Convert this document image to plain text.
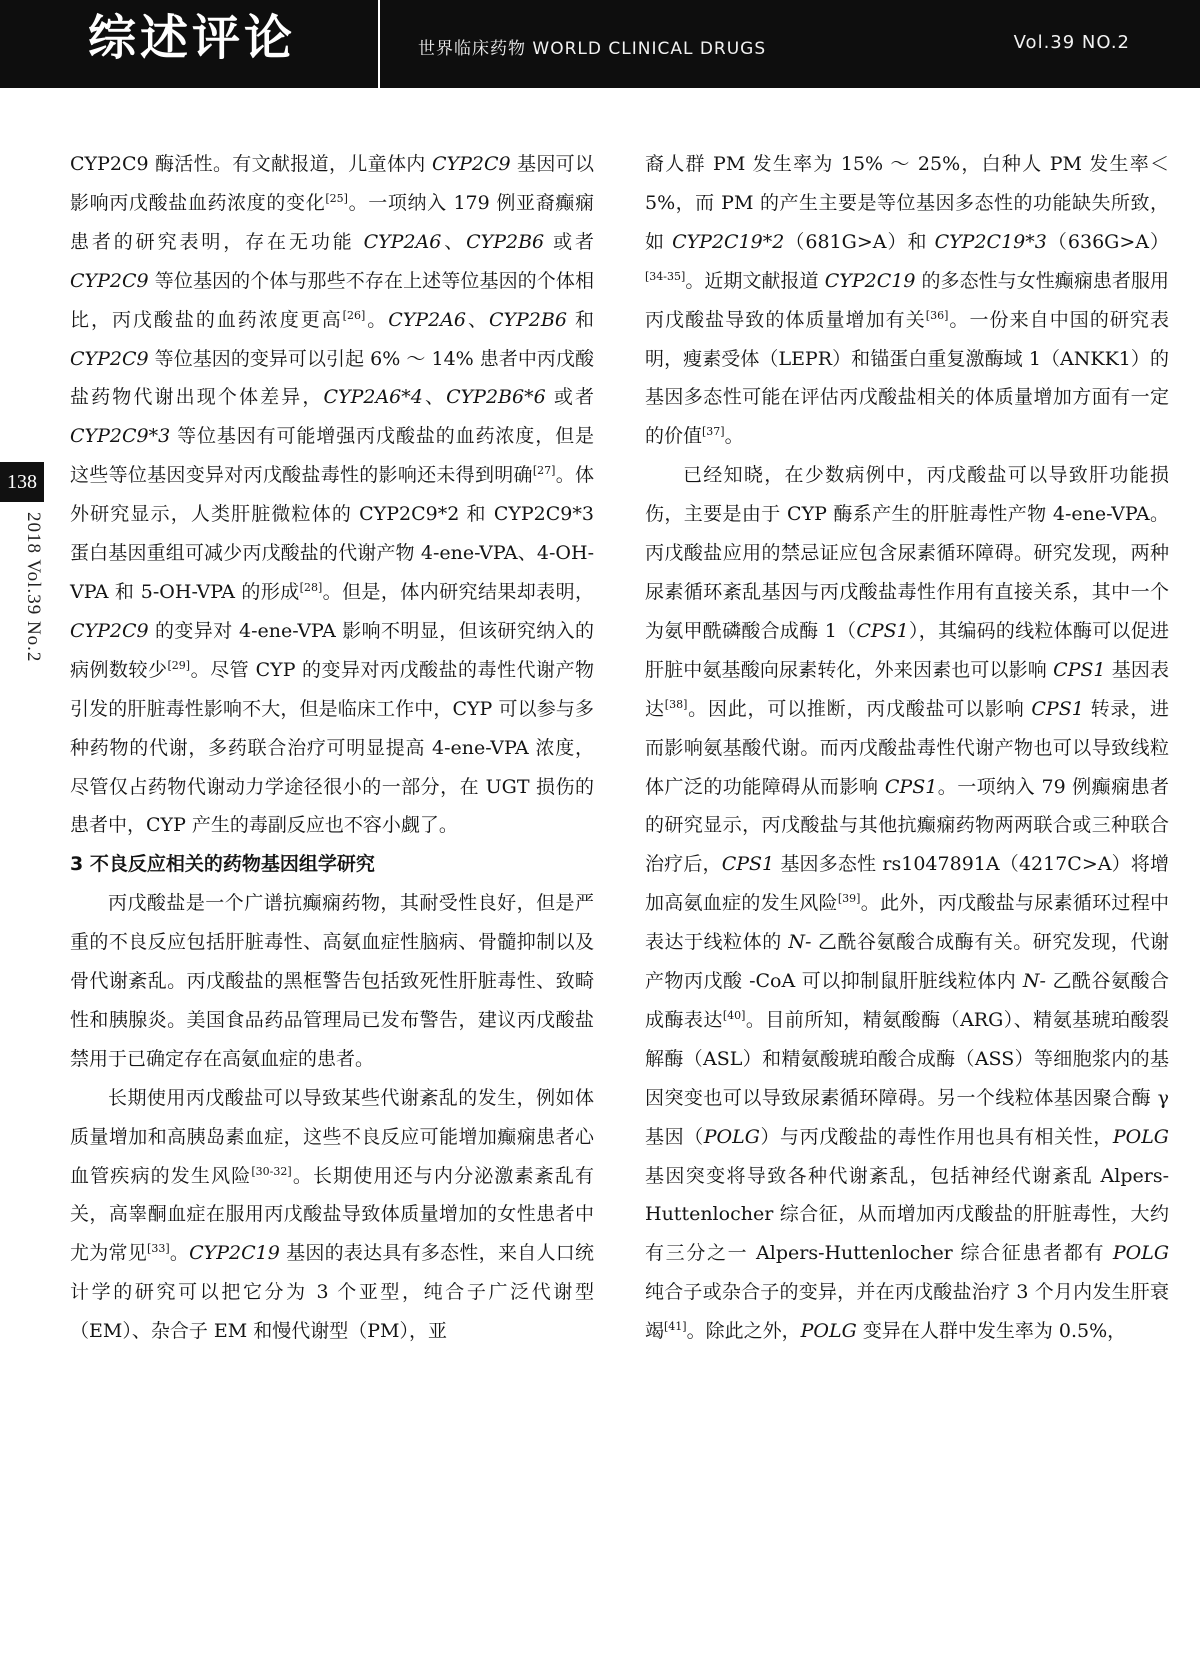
综述评论	世界临床药物 WORLD CLINICAL DRUGS	Vol.39 NO.2
138
2018 Vol.39 No.2

CYP2C9 酶活性。有文献报道，儿童体内 CYP2C9 基因可以影响丙戊酸盐血药浓度的变化[25]。一项纳入 179 例亚裔癫痫患者的研究表明，存在无功能 CYP2A6、CYP2B6 或者 CYP2C9 等位基因的个体与那些不存在上述等位基因的个体相比，丙戊酸盐的血药浓度更高[26]。CYP2A6、CYP2B6 和 CYP2C9 等位基因的变异可以引起 6% ～ 14% 患者中丙戊酸盐药物代谢出现个体差异，CYP2A6*4、CYP2B6*6 或者 CYP2C9*3 等位基因有可能增强丙戊酸盐的血药浓度，但是这些等位基因变异对丙戊酸盐毒性的影响还未得到明确[27]。体外研究显示，人类肝脏微粒体的 CYP2C9*2 和 CYP2C9*3 蛋白基因重组可减少丙戊酸盐的代谢产物 4-ene-VPA、4-OH-VPA 和 5-OH-VPA 的形成[28]。但是，体内研究结果却表明，CYP2C9 的变异对 4-ene-VPA 影响不明显，但该研究纳入的病例数较少[29]。尽管 CYP 的变异对丙戊酸盐的毒性代谢产物引发的肝脏毒性影响不大，但是临床工作中，CYP 可以参与多种药物的代谢，多药联合治疗可明显提高 4-ene-VPA 浓度，尽管仅占药物代谢动力学途径很小的一部分，在 UGT 损伤的患者中，CYP 产生的毒副反应也不容小觑了。

3 不良反应相关的药物基因组学研究

丙戊酸盐是一个广谱抗癫痫药物，其耐受性良好，但是严重的不良反应包括肝脏毒性、高氨血症性脑病、骨髓抑制以及骨代谢紊乱。丙戊酸盐的黑框警告包括致死性肝脏毒性、致畸性和胰腺炎。美国食品药品管理局已发布警告，建议丙戊酸盐禁用于已确定存在高氨血症的患者。

长期使用丙戊酸盐可以导致某些代谢紊乱的发生，例如体质量增加和高胰岛素血症，这些不良反应可能增加癫痫患者心血管疾病的发生风险[30-32]。长期使用还与内分泌激素紊乱有关，高睾酮血症在服用丙戊酸盐导致体质量增加的女性患者中尤为常见[33]。CYP2C19 基因的表达具有多态性，来自人口统计学的研究可以把它分为 3 个亚型，纯合子广泛代谢型（EM）、杂合子 EM 和慢代谢型（PM），亚

裔人群 PM 发生率为 15% ～ 25%，白种人 PM 发生率＜ 5%，而 PM 的产生主要是等位基因多态性的功能缺失所致，如 CYP2C19*2（681G>A）和 CYP2C19*3（636G>A）[34-35]。近期文献报道 CYP2C19 的多态性与女性癫痫患者服用丙戊酸盐导致的体质量增加有关[36]。一份来自中国的研究表明，瘦素受体（LEPR）和锚蛋白重复激酶域 1（ANKK1）的基因多态性可能在评估丙戊酸盐相关的体质量增加方面有一定的价值[37]。

已经知晓，在少数病例中，丙戊酸盐可以导致肝功能损伤，主要是由于 CYP 酶系产生的肝脏毒性产物 4-ene-VPA。丙戊酸盐应用的禁忌证应包含尿素循环障碍。研究发现，两种尿素循环紊乱基因与丙戊酸盐毒性作用有直接关系，其中一个为氨甲酰磷酸合成酶 1（CPS1），其编码的线粒体酶可以促进肝脏中氨基酸向尿素转化，外来因素也可以影响 CPS1 基因表达[38]。因此，可以推断，丙戊酸盐可以影响 CPS1 转录，进而影响氨基酸代谢。而丙戊酸盐毒性代谢产物也可以导致线粒体广泛的功能障碍从而影响 CPS1。一项纳入 79 例癫痫患者的研究显示，丙戊酸盐与其他抗癫痫药物两两联合或三种联合治疗后，CPS1 基因多态性 rs1047891A（4217C>A）将增加高氨血症的发生风险[39]。此外，丙戊酸盐与尿素循环过程中表达于线粒体的 N- 乙酰谷氨酸合成酶有关。研究发现，代谢产物丙戊酸 -CoA 可以抑制鼠肝脏线粒体内 N- 乙酰谷氨酸合成酶表达[40]。目前所知，精氨酸酶（ARG）、精氨基琥珀酸裂解酶（ASL）和精氨酸琥珀酸合成酶（ASS）等细胞浆内的基因突变也可以导致尿素循环障碍。另一个线粒体基因聚合酶 γ 基因（POLG）与丙戊酸盐的毒性作用也具有相关性，POLG 基因突变将导致各种代谢紊乱，包括神经代谢紊乱 Alpers-Huttenlocher 综合征，从而增加丙戊酸盐的肝脏毒性，大约有三分之一 Alpers-Huttenlocher 综合征患者都有 POLG 纯合子或杂合子的变异，并在丙戊酸盐治疗 3 个月内发生肝衰竭[41]。除此之外，POLG 变异在人群中发生率为 0.5%，
